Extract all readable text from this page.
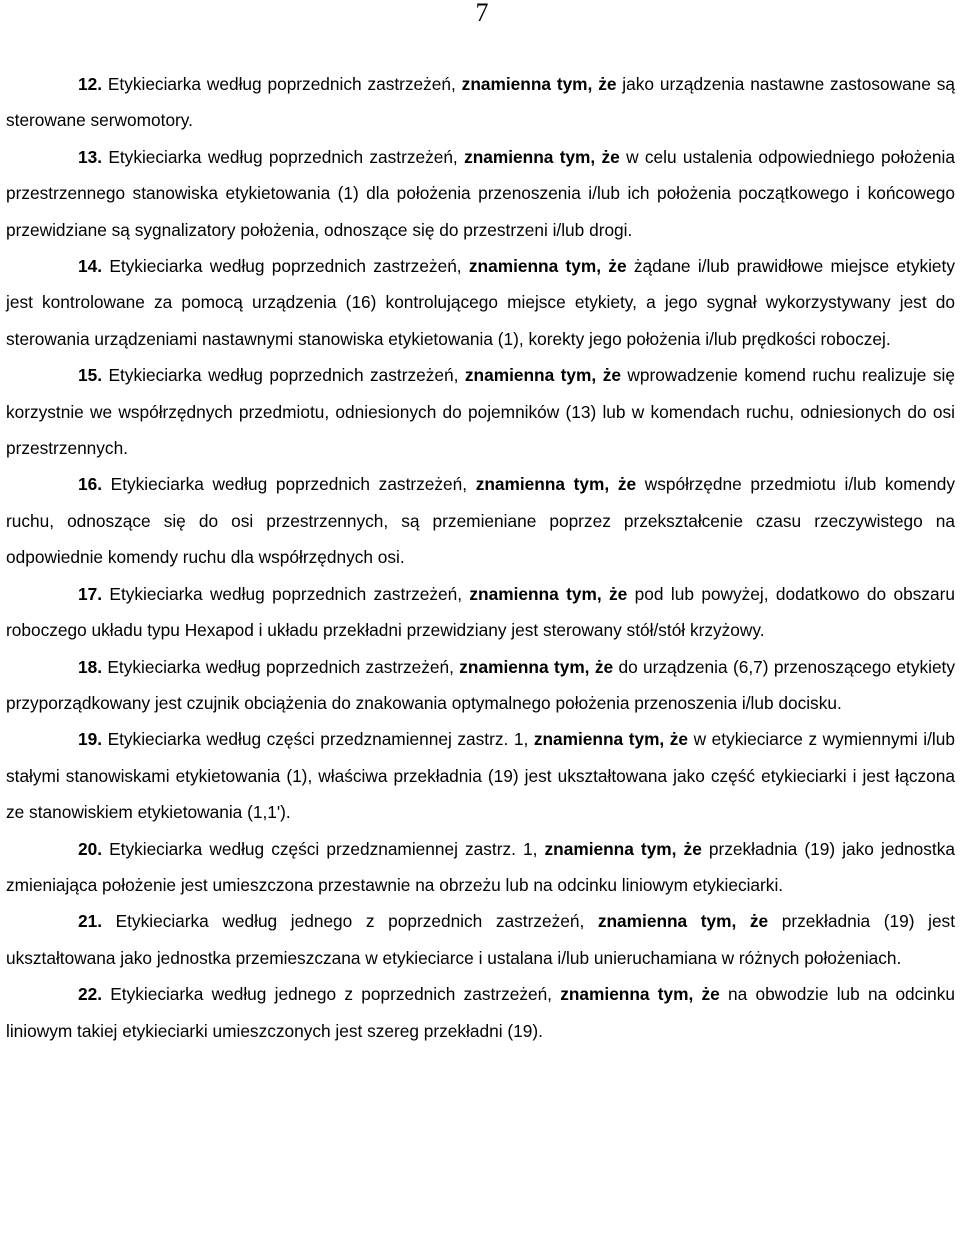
7

12. Etykieciarka według poprzednich zastrzeżeń, znamienna tym, że jako urządzenia nastawne zastosowane są sterowane serwomotory.

13. Etykieciarka według poprzednich zastrzeżeń, znamienna tym, że w celu ustalenia odpowiedniego położenia przestrzennego stanowiska etykietowania (1) dla położenia przenoszenia i/lub ich położenia początkowego i końcowego przewidziane są sygnalizatory położenia, odnoszące się do przestrzeni i/lub drogi.

14. Etykieciarka według poprzednich zastrzeżeń, znamienna tym, że żądane i/lub prawidłowe miejsce etykiety jest kontrolowane za pomocą urządzenia (16) kontrolującego miejsce etykiety, a jego sygnał wykorzystywany jest do sterowania urządzeniami nastawnymi stanowiska etykietowania (1), korekty jego położenia i/lub prędkości roboczej.

15. Etykieciarka według poprzednich zastrzeżeń, znamienna tym, że wprowadzenie komend ruchu realizuje się korzystnie we współrzędnych przedmiotu, odniesionych do pojemników (13) lub w komendach ruchu, odniesionych do osi przestrzennych.

16. Etykieciarka według poprzednich zastrzeżeń, znamienna tym, że współrzędne przedmiotu i/lub komendy ruchu, odnoszące się do osi przestrzennych, są przemieniane poprzez przekształcenie czasu rzeczywistego na odpowiednie komendy ruchu dla współrzędnych osi.

17. Etykieciarka według poprzednich zastrzeżeń, znamienna tym, że pod lub powyżej, dodatkowo do obszaru roboczego układu typu Hexapod i układu przekładni przewidziany jest sterowany stół/stół krzyżowy.

18. Etykieciarka według poprzednich zastrzeżeń, znamienna tym, że do urządzenia (6,7) przenoszącego etykiety przyporządkowany jest czujnik obciążenia do znakowania optymalnego położenia przenoszenia i/lub docisku.

19. Etykieciarka według części przedznamiennej zastrz. 1, znamienna tym, że w etykieciarce z wymiennymi i/lub stałymi stanowiskami etykietowania (1), właściwa przekładnia (19) jest ukształtowana jako część etykieciarki i jest łączona ze stanowiskiem etykietowania (1,1').

20. Etykieciarka według części przedznamiennej zastrz. 1, znamienna tym, że przekładnia (19) jako jednostka zmieniająca położenie jest umieszczona przestawnie na obrzeżu lub na odcinku liniowym etykieciarki.

21. Etykieciarka według jednego z poprzednich zastrzeżeń, znamienna tym, że przekładnia (19) jest ukształtowana jako jednostka przemieszczana w etykieciarce i ustalana i/lub unieruchamiana w różnych położeniach.

22. Etykieciarka według jednego z poprzednich zastrzeżeń, znamienna tym, że na obwodzie lub na odcinku liniowym takiej etykieciarki umieszczonych jest szereg przekładni (19).
